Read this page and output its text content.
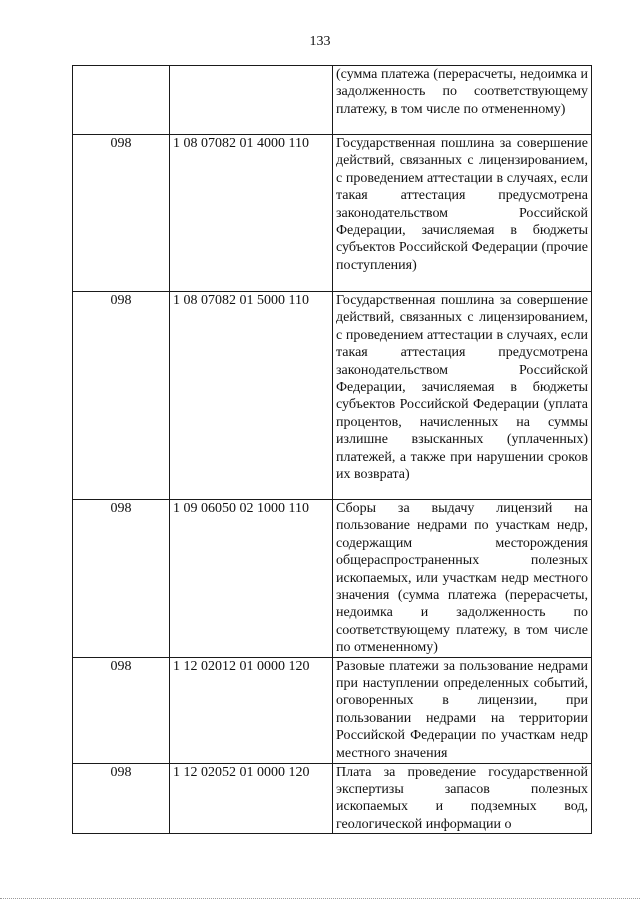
133

		(сумма платежа (перерасчеты, недоимка и задолженность по соответствующему платежу, в том числе по отмененному)

098	1 08 07082 01 4000 110	Государственная пошлина за совершение действий, связанных с лицензированием, с проведением аттестации в случаях, если такая аттестация предусмотрена законодательством Российской Федерации, зачисляемая в бюджеты субъектов Российской Федерации (прочие поступления)

098	1 08 07082 01 5000 110	Государственная пошлина за совершение действий, связанных с лицензированием, с проведением аттестации в случаях, если такая аттестация предусмотрена законодательством Российской Федерации, зачисляемая в бюджеты субъектов Российской Федерации (уплата процентов, начисленных на суммы излишне взысканных (уплаченных) платежей, а также при нарушении сроков их возврата)

098	1 09 06050 02 1000 110	Сборы за выдачу лицензий на пользование недрами по участкам недр, содержащим месторождения общераспространенных полезных ископаемых, или участкам недр местного значения (сумма платежа (перерасчеты, недоимка и задолженность по соответствующему платежу, в том числе по отмененному)

098	1 12 02012 01 0000 120	Разовые платежи за пользование недрами при наступлении определенных событий, оговоренных в лицензии, при пользовании недрами на территории Российской Федерации по участкам недр местного значения

098	1 12 02052 01 0000 120	Плата за проведение государственной экспертизы запасов полезных ископаемых и подземных вод, геологической информации о
